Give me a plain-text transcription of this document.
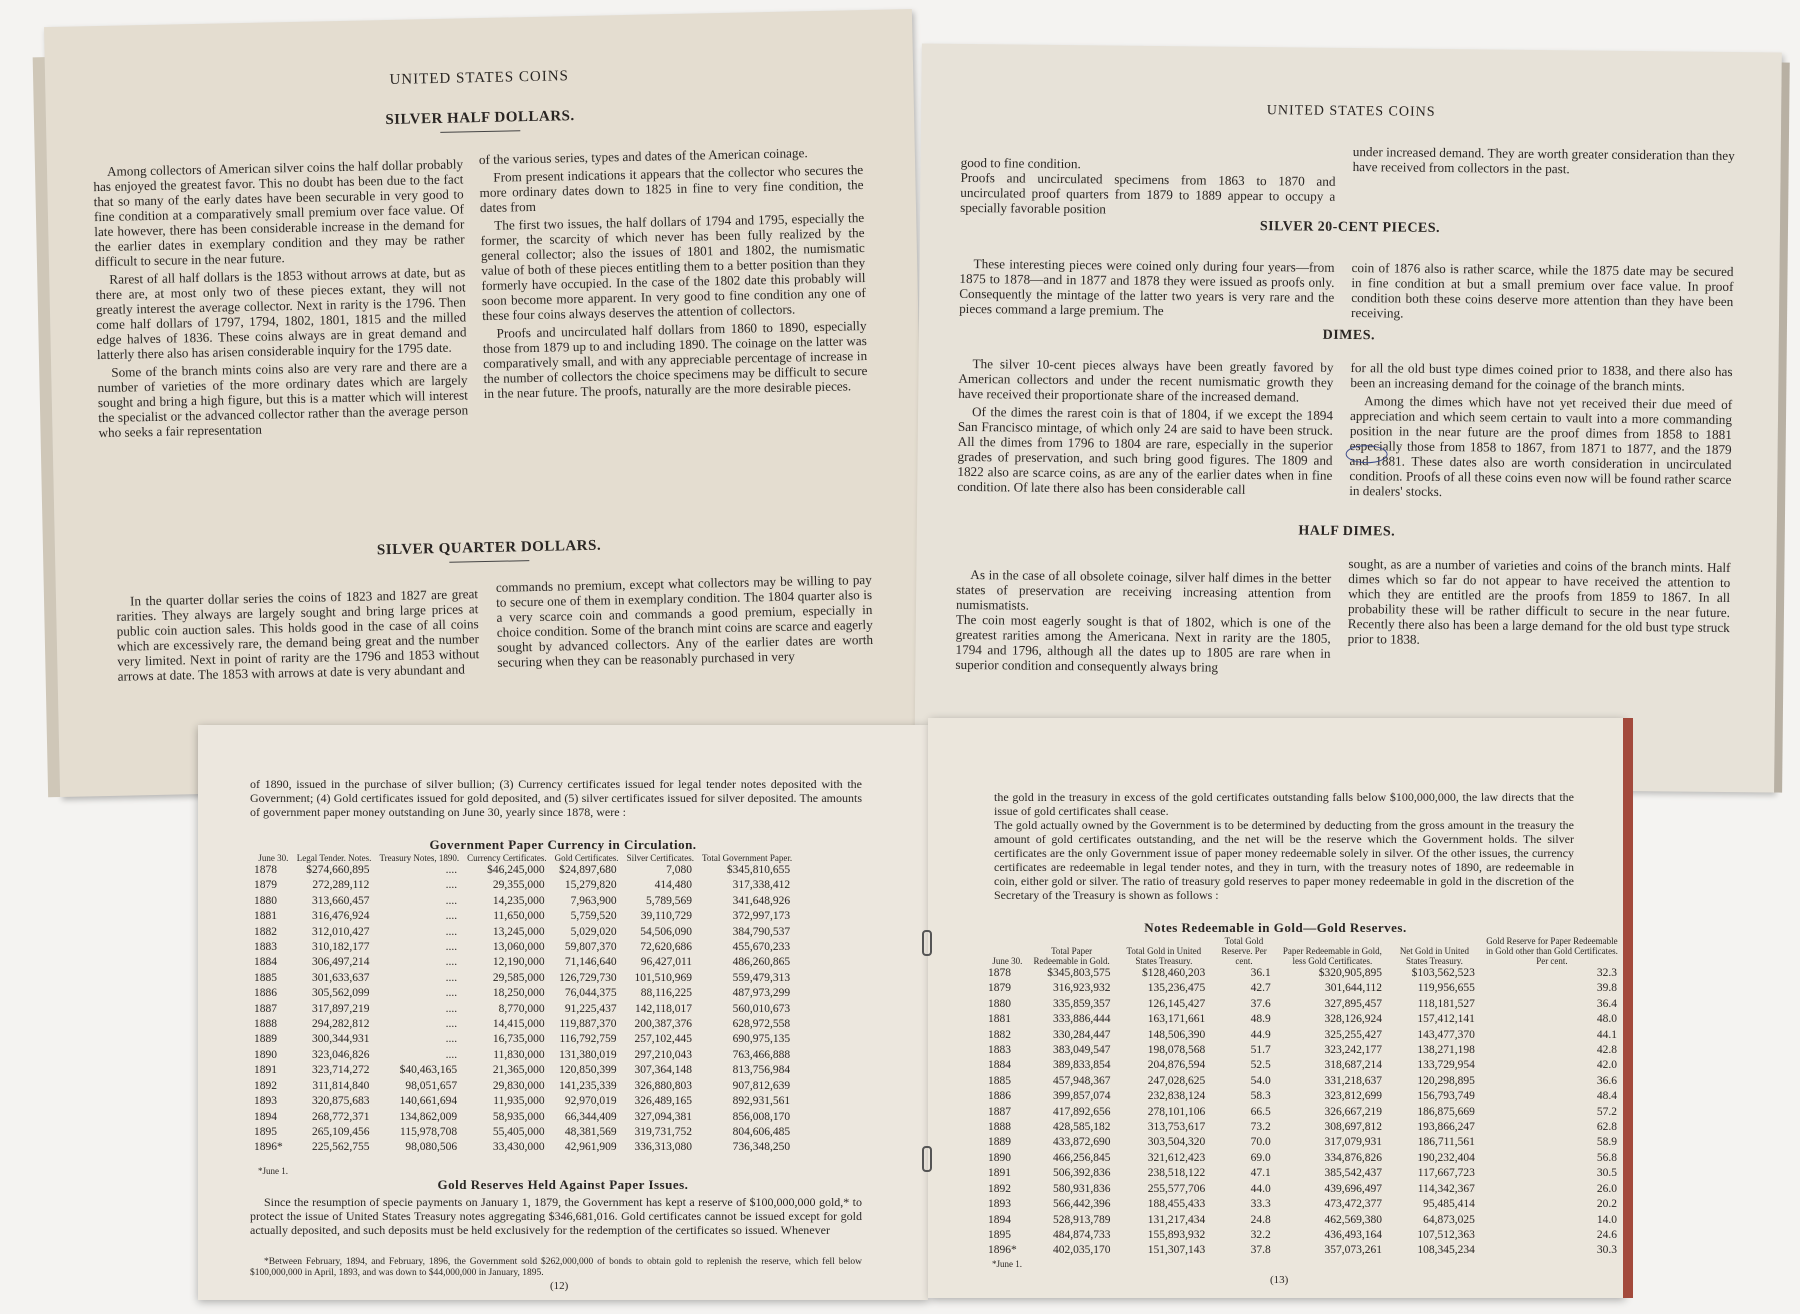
UNITED STATES COINS

SILVER HALF DOLLARS.

Among collectors of American silver coins the half dollar probably has enjoyed the greatest favor. This no doubt has been due to the fact that so many of the early dates have been securable in very good to fine condition at a comparatively small premium over face value. Of late however, there has been considerable increase in the demand for the earlier dates in exemplary condition and they may be rather difficult to secure in the near future.

Rarest of all half dollars is the 1853 without arrows at date, but as there are, at most only two of these pieces extant, they will not greatly interest the average collector. Next in rarity is the 1796. Then come half dollars of 1797, 1794, 1802, 1801, 1815 and the milled edge halves of 1836. These coins always are in great demand and latterly there also has arisen considerable inquiry for the 1795 date.

Some of the branch mints coins also are very rare and there are a number of varieties of the more ordinary dates which are largely sought and bring a high figure, but this is a matter which will interest the specialist or the advanced collector rather than the average person who seeks a fair representation

of the various series, types and dates of the American coinage.

From present indications it appears that the collector who secures the more ordinary dates down to 1825 in fine to very fine condition, the dates from

The first two issues, the half dollars of 1794 and 1795, especially the former, the scarcity of which never has been fully realized by the general collector; also the issues of 1801 and 1802, the numismatic value of both of these pieces entitling them to a better position than they formerly have occupied. In the case of the 1802 date this probably will soon become more apparent. In very good to fine condition any one of these four coins always deserves the attention of collectors.

Proofs and uncirculated half dollars from 1860 to 1890, especially those from 1879 up to and including 1890. The coinage on the latter was comparatively small, and with any appreciable percentage of increase in the number of collectors the choice specimens may be difficult to secure in the near future. The proofs, naturally are the more desirable pieces.

SILVER QUARTER DOLLARS.

In the quarter dollar series the coins of 1823 and 1827 are great rarities. They always are largely sought and bring large prices at public coin auction sales. This holds good in the case of all coins which are excessively rare, the demand being great and the number very limited. Next in point of rarity are the 1796 and 1853 without arrows at date. The 1853 with arrows at date is very abundant and

commands no premium, except what collectors may be willing to pay to secure one of them in exemplary condition. The 1804 quarter also is a very scarce coin and commands a good premium, especially in choice condition. Some of the branch mint coins are scarce and eagerly sought by advanced collectors. Any of the earlier dates are worth securing when they can be reasonably purchased in very

UNITED STATES COINS

good to fine condition.
Proofs and uncirculated specimens from 1863 to 1870 and uncirculated proof quarters from 1879 to 1889 appear to occupy a specially favorable position

under increased demand. They are worth greater consideration than they have received from collectors in the past.

SILVER 20-CENT PIECES.

These interesting pieces were coined only during four years—from 1875 to 1878—and in 1877 and 1878 they were issued as proofs only. Consequently the mintage of the latter two years is very rare and the pieces command a large premium. The

coin of 1876 also is rather scarce, while the 1875 date may be secured in fine condition at but a small premium over face value. In proof condition both these coins deserve more attention than they have been receiving.

DIMES.

The silver 10-cent pieces always have been greatly favored by American collectors and under the recent numismatic growth they have received their proportionate share of the increased demand.

Of the dimes the rarest coin is that of 1804, if we except the 1894 San Francisco mintage, of which only 24 are said to have been struck. All the dimes from 1796 to 1804 are rare, especially in the superior grades of preservation, and such bring good figures. The 1809 and 1822 also are scarce coins, as are any of the earlier dates when in fine condition. Of late there also has been considerable call

for all the old bust type dimes coined prior to 1838, and there also has been an increasing demand for the coinage of the branch mints.

Among the dimes which have not yet received their due meed of appreciation and which seem certain to vault into a more commanding position in the near future are the proof dimes from 1858 to 1881 especially those from 1858 to 1867, from 1871 to 1877, and the 1879 and 1881. These dates also are worth consideration in uncirculated condition. Proofs of all these coins even now will be found rather scarce in dealers' stocks.

HALF DIMES.

As in the case of all obsolete coinage, silver half dimes in the better states of preservation are receiving increasing attention from numismatists.
The coin most eagerly sought is that of 1802, which is one of the greatest rarities among the Americana. Next in rarity are the 1805, 1794 and 1796, although all the dates up to 1805 are rare when in superior condition and consequently always bring

sought, as are a number of varieties and coins of the branch mints. Half dimes which so far do not appear to have received the attention to which they are entitled are the proofs from 1859 to 1867. In all probability these will be rather difficult to secure in the near future. Recently there also has been a large demand for the old bust type struck prior to 1838.

of 1890, issued in the purchase of silver bullion; (3) Currency certificates issued for legal tender notes deposited with the Government; (4) Gold certificates issued for gold deposited, and (5) silver certificates issued for silver deposited. The amounts of government paper money outstanding on June 30, yearly since 1878, were :

Government Paper Currency in Circulation.

June 30.	Legal Tender. Notes.	Treasury Notes, 1890.	Currency Certificates.	Gold Certificates.	Silver Certificates.	Total Government Paper.
1878	$274,660,895	....	$46,245,000	$24,897,680	7,080	$345,810,655
1879	272,289,112	....	29,355,000	15,279,820	414,480	317,338,412
1880	313,660,457	....	14,235,000	7,963,900	5,789,569	341,648,926
1881	316,476,924	....	11,650,000	5,759,520	39,110,729	372,997,173
1882	312,010,427	....	13,245,000	5,029,020	54,506,090	384,790,537
1883	310,182,177	....	13,060,000	59,807,370	72,620,686	455,670,233
1884	306,497,214	....	12,190,000	71,146,640	96,427,011	486,260,865
1885	301,633,637	....	29,585,000	126,729,730	101,510,969	559,479,313
1886	305,562,099	....	18,250,000	76,044,375	88,116,225	487,973,299
1887	317,897,219	....	8,770,000	91,225,437	142,118,017	560,010,673
1888	294,282,812	....	14,415,000	119,887,370	200,387,376	628,972,558
1889	300,344,931	....	16,735,000	116,792,759	257,102,445	690,975,135
1890	323,046,826	....	11,830,000	131,380,019	297,210,043	763,466,888
1891	323,714,272	$40,463,165	21,365,000	120,850,399	307,364,148	813,756,984
1892	311,814,840	98,051,657	29,830,000	141,235,339	326,880,803	907,812,639
1893	320,875,683	140,661,694	11,935,000	92,970,019	326,489,165	892,931,561
1894	268,772,371	134,862,009	58,935,000	66,344,409	327,094,381	856,008,170
1895	265,109,456	115,978,708	55,405,000	48,381,569	319,731,752	804,606,485
1896*	225,562,755	98,080,506	33,430,000	42,961,909	336,313,080	736,348,250

*June 1.

Gold Reserves Held Against Paper Issues.

Since the resumption of specie payments on January 1, 1879, the Government has kept a reserve of $100,000,000 gold,* to protect the issue of United States Treasury notes aggregating $346,681,016. Gold certificates cannot be issued except for gold actually deposited, and such deposits must be held exclusively for the redemption of the certificates so issued. Whenever

*Between February, 1894, and February, 1896, the Government sold $262,000,000 of bonds to obtain gold to replenish the reserve, which fell below $100,000,000 in April, 1893, and was down to $44,000,000 in January, 1895.

(12)

the gold in the treasury in excess of the gold certificates outstanding falls below $100,000,000, the law directs that the issue of gold certificates shall cease.
The gold actually owned by the Government is to be determined by deducting from the gross amount in the treasury the amount of gold certificates outstanding, and the net will be the reserve which the Government holds. The silver certificates are the only Government issue of paper money redeemable solely in silver. Of the other issues, the currency certificates are redeemable in legal tender notes, and they in turn, with the treasury notes of 1890, are redeemable in coin, either gold or silver. The ratio of treasury gold reserves to paper money redeemable in gold in the discretion of the Secretary of the Treasury is shown as follows :

Notes Redeemable in Gold—Gold Reserves.

June 30.	Total Paper Redeemable in Gold.	Total Gold in United States Treasury.	Total Gold Reserve. Per cent.	Paper Redeemable in Gold, less Gold Certificates.	Net Gold in United States Treasury.	Gold Reserve for Paper Redeemable in Gold other than Gold Certificates. Per cent.
1878	$345,803,575	$128,460,203	36.1	$320,905,895	$103,562,523	32.3
1879	316,923,932	135,236,475	42.7	301,644,112	119,956,655	39.8
1880	335,859,357	126,145,427	37.6	327,895,457	118,181,527	36.4
1881	333,886,444	163,171,661	48.9	328,126,924	157,412,141	48.0
1882	330,284,447	148,506,390	44.9	325,255,427	143,477,370	44.1
1883	383,049,547	198,078,568	51.7	323,242,177	138,271,198	42.8
1884	389,833,854	204,876,594	52.5	318,687,214	133,729,954	42.0
1885	457,948,367	247,028,625	54.0	331,218,637	120,298,895	36.6
1886	399,857,074	232,838,124	58.3	323,812,699	156,793,749	48.4
1887	417,892,656	278,101,106	66.5	326,667,219	186,875,669	57.2
1888	428,585,182	313,753,617	73.2	308,697,812	193,866,247	62.8
1889	433,872,690	303,504,320	70.0	317,079,931	186,711,561	58.9
1890	466,256,845	321,612,423	69.0	334,876,826	190,232,404	56.8
1891	506,392,836	238,518,122	47.1	385,542,437	117,667,723	30.5
1892	580,931,836	255,577,706	44.0	439,696,497	114,342,367	26.0
1893	566,442,396	188,455,433	33.3	473,472,377	95,485,414	20.2
1894	528,913,789	131,217,434	24.8	462,569,380	64,873,025	14.0
1895	484,874,733	155,893,932	32.2	436,493,164	107,512,363	24.6
1896*	402,035,170	151,307,143	37.8	357,073,261	108,345,234	30.3

*June 1.

(13)
